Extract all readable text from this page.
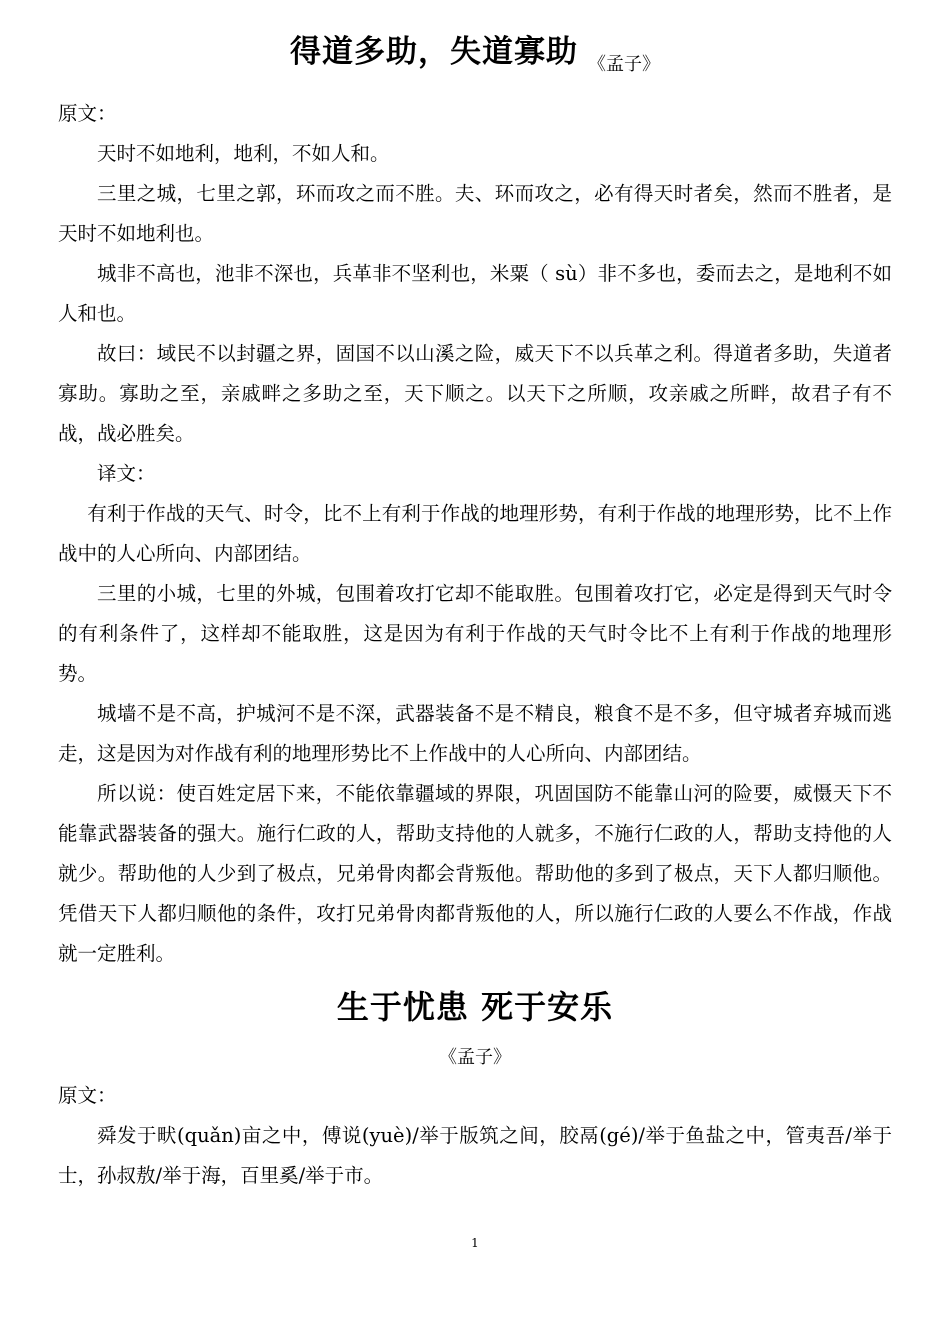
得道多助，失道寡助 《孟子》

原文：

天时不如地利，地利，不如人和。

三里之城，七里之郭，环而攻之而不胜。夫、环而攻之，必有得天时者矣，然而不胜者，是天时不如地利也。

城非不高也，池非不深也，兵革非不坚利也，米粟（ sù）非不多也，委而去之，是地利不如人和也。

故曰：域民不以封疆之界，固国不以山溪之险，威天下不以兵革之利。得道者多助，失道者寡助。寡助之至，亲戚畔之多助之至，天下顺之。以天下之所顺，攻亲戚之所畔，故君子有不战，战必胜矣。

译文：

有利于作战的天气、时令，比不上有利于作战的地理形势，有利于作战的地理形势，比不上作战中的人心所向、内部团结。

三里的小城，七里的外城，包围着攻打它却不能取胜。包围着攻打它，必定是得到天气时令的有利条件了，这样却不能取胜，这是因为有利于作战的天气时令比不上有利于作战的地理形势。

城墙不是不高，护城河不是不深，武器装备不是不精良，粮食不是不多，但守城者弃城而逃走，这是因为对作战有利的地理形势比不上作战中的人心所向、内部团结。

所以说：使百姓定居下来，不能依靠疆域的界限，巩固国防不能靠山河的险要，威慑天下不能靠武器装备的强大。施行仁政的人，帮助支持他的人就多，不施行仁政的人，帮助支持他的人就少。帮助他的人少到了极点，兄弟骨肉都会背叛他。帮助他的多到了极点，天下人都归顺他。凭借天下人都归顺他的条件，攻打兄弟骨肉都背叛他的人，所以施行仁政的人要么不作战，作战就一定胜利。

生于忧患 死于安乐
《孟子》

原文：

舜发于畎(quǎn)亩之中，傅说(yuè)/举于版筑之间，胶鬲(gé)/举于鱼盐之中，管夷吾/举于士，孙叔敖/举于海，百里奚/举于市。

1
